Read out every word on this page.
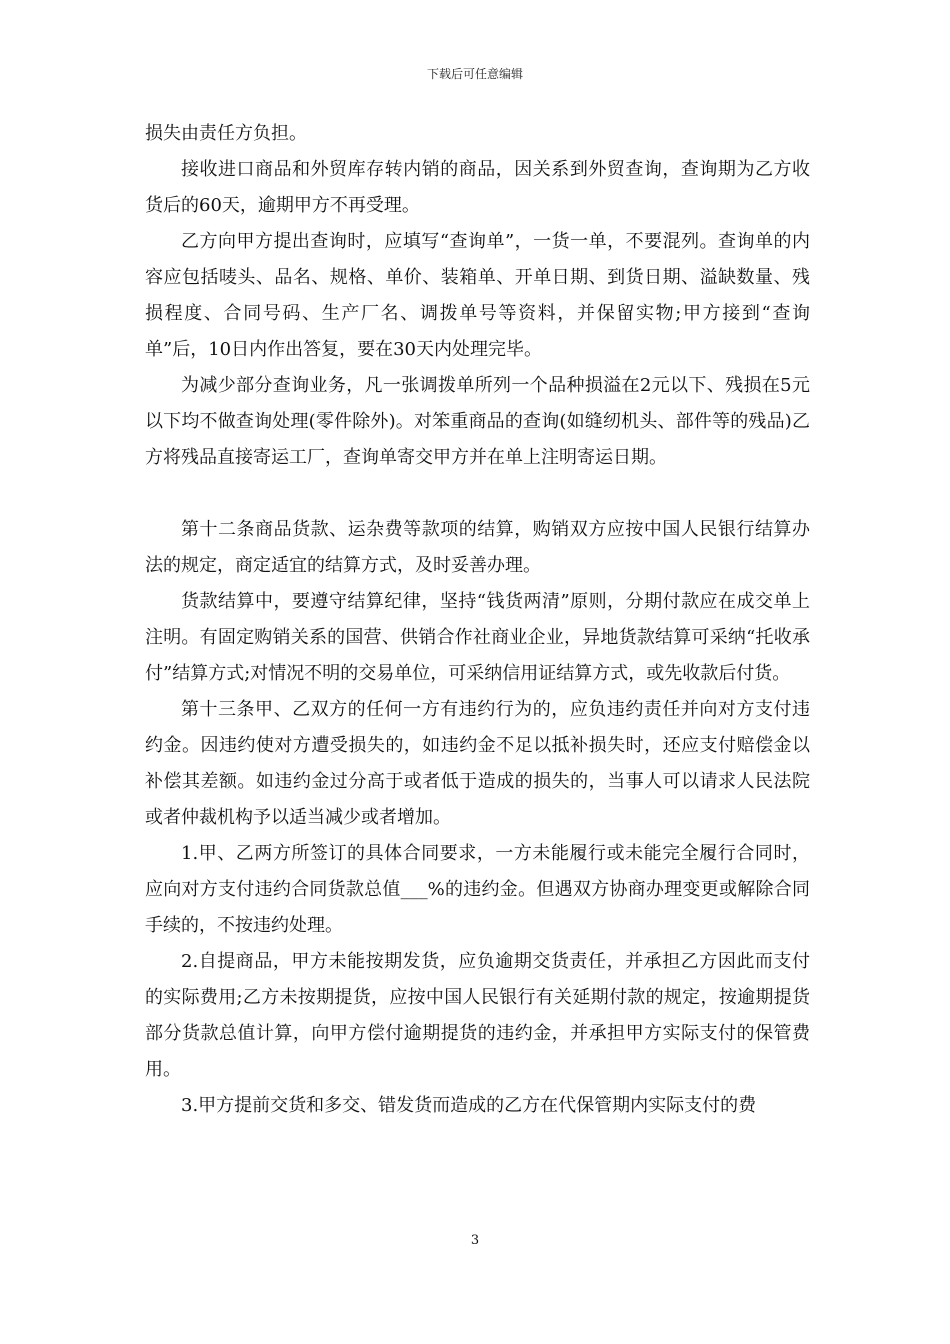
下载后可任意编辑

损失由责任方负担。

接收进口商品和外贸库存转内销的商品，因关系到外贸查询，查询期为乙方收货后的60天，逾期甲方不再受理。

乙方向甲方提出查询时，应填写“查询单”，一货一单，不要混列。查询单的内容应包括唛头、品名、规格、单价、装箱单、开单日期、到货日期、溢缺数量、残损程度、合同号码、生产厂名、调拨单号等资料，并保留实物;甲方接到“查询单”后，10日内作出答复，要在30天内处理完毕。

为减少部分查询业务，凡一张调拨单所列一个品种损溢在2元以下、残损在5元以下均不做查询处理(零件除外)。对笨重商品的查询(如缝纫机头、部件等的残品)乙方将残品直接寄运工厂，查询单寄交甲方并在单上注明寄运日期。

第十二条商品货款、运杂费等款项的结算，购销双方应按中国人民银行结算办法的规定，商定适宜的结算方式，及时妥善办理。

货款结算中，要遵守结算纪律，坚持“钱货两清”原则，分期付款应在成交单上注明。有固定购销关系的国营、供销合作社商业企业，异地货款结算可采纳“托收承付”结算方式;对情况不明的交易单位，可采纳信用证结算方式，或先收款后付货。

第十三条甲、乙双方的任何一方有违约行为的，应负违约责任并向对方支付违约金。因违约使对方遭受损失的，如违约金不足以抵补损失时，还应支付赔偿金以补偿其差额。如违约金过分高于或者低于造成的损失的，当事人可以请求人民法院或者仲裁机构予以适当减少或者增加。

1.甲、乙两方所签订的具体合同要求，一方未能履行或未能完全履行合同时，应向对方支付违约合同货款总值___%的违约金。但遇双方协商办理变更或解除合同手续的，不按违约处理。

2.自提商品，甲方未能按期发货，应负逾期交货责任，并承担乙方因此而支付的实际费用;乙方未按期提货，应按中国人民银行有关延期付款的规定，按逾期提货部分货款总值计算，向甲方偿付逾期提货的违约金，并承担甲方实际支付的保管费用。

3.甲方提前交货和多交、错发货而造成的乙方在代保管期内实际支付的费

3
